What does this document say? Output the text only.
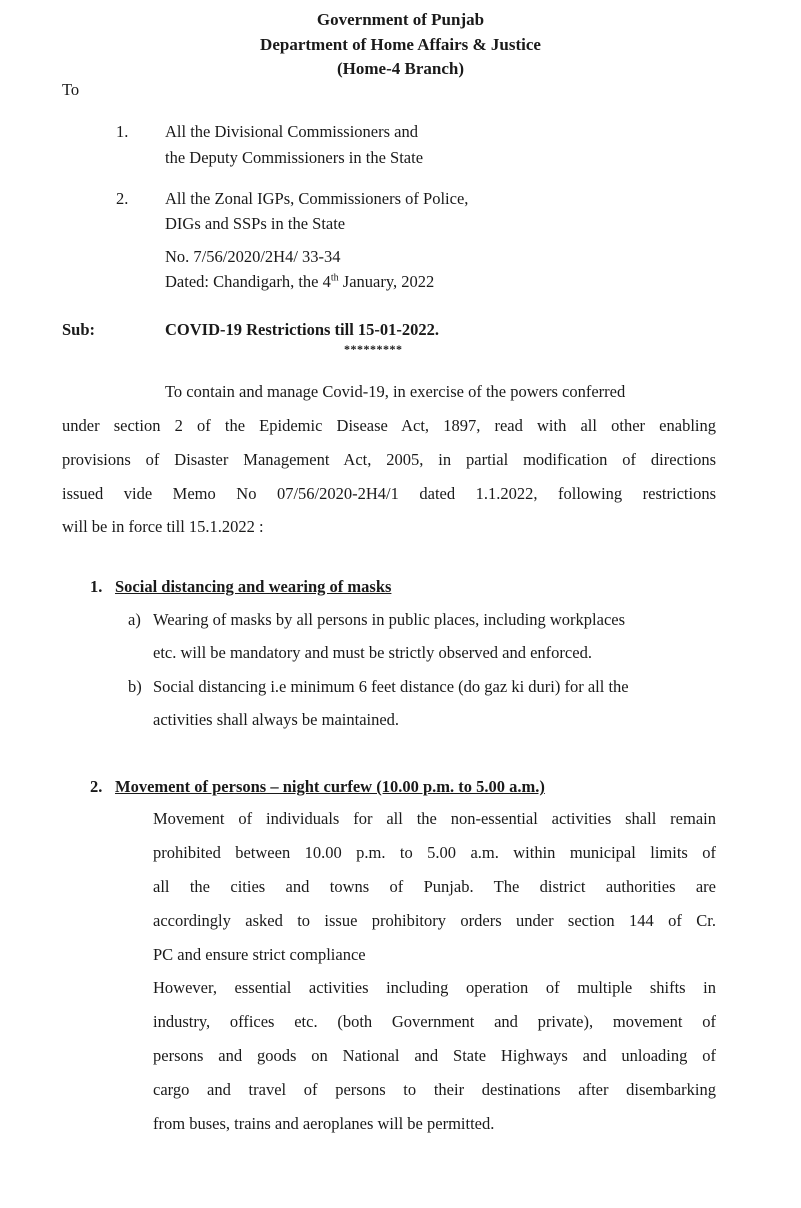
Government of Punjab
Department of Home Affairs & Justice
(Home-4 Branch)
To
1. All the Divisional Commissioners and
the Deputy Commissioners in the State
2. All the Zonal IGPs, Commissioners of Police,
DIGs and SSPs in the State
No. 7/56/2020/2H4/ 33-34
Dated: Chandigarh, the 4th January, 2022
Sub:	COVID-19 Restrictions till 15-01-2022.
*********
To contain and manage Covid-19, in exercise of the powers conferred
under section 2 of the Epidemic Disease Act, 1897, read with all other enabling
provisions of Disaster Management Act, 2005, in partial modification of directions
issued vide Memo No 07/56/2020-2H4/1 dated 1.1.2022, following restrictions
will be in force till 15.1.2022 :
1. Social distancing and wearing of masks
a) Wearing of masks by all persons in public places, including workplaces
etc. will be mandatory and must be strictly observed and enforced.
b) Social distancing i.e minimum 6 feet distance (do gaz ki duri) for all the
activities shall always be maintained.
2. Movement of persons – night curfew (10.00 p.m. to 5.00 a.m.)
Movement of individuals for all the non-essential activities shall remain
prohibited between 10.00 p.m. to 5.00 a.m. within municipal limits of
all the cities and towns of Punjab. The district authorities are
accordingly asked to issue prohibitory orders under section 144 of Cr.
PC and ensure strict compliance
However, essential activities including operation of multiple shifts in
industry, offices etc. (both Government and private), movement of
persons and goods on National and State Highways and unloading of
cargo and travel of persons to their destinations after disembarking
from buses, trains and aeroplanes will be permitted.
